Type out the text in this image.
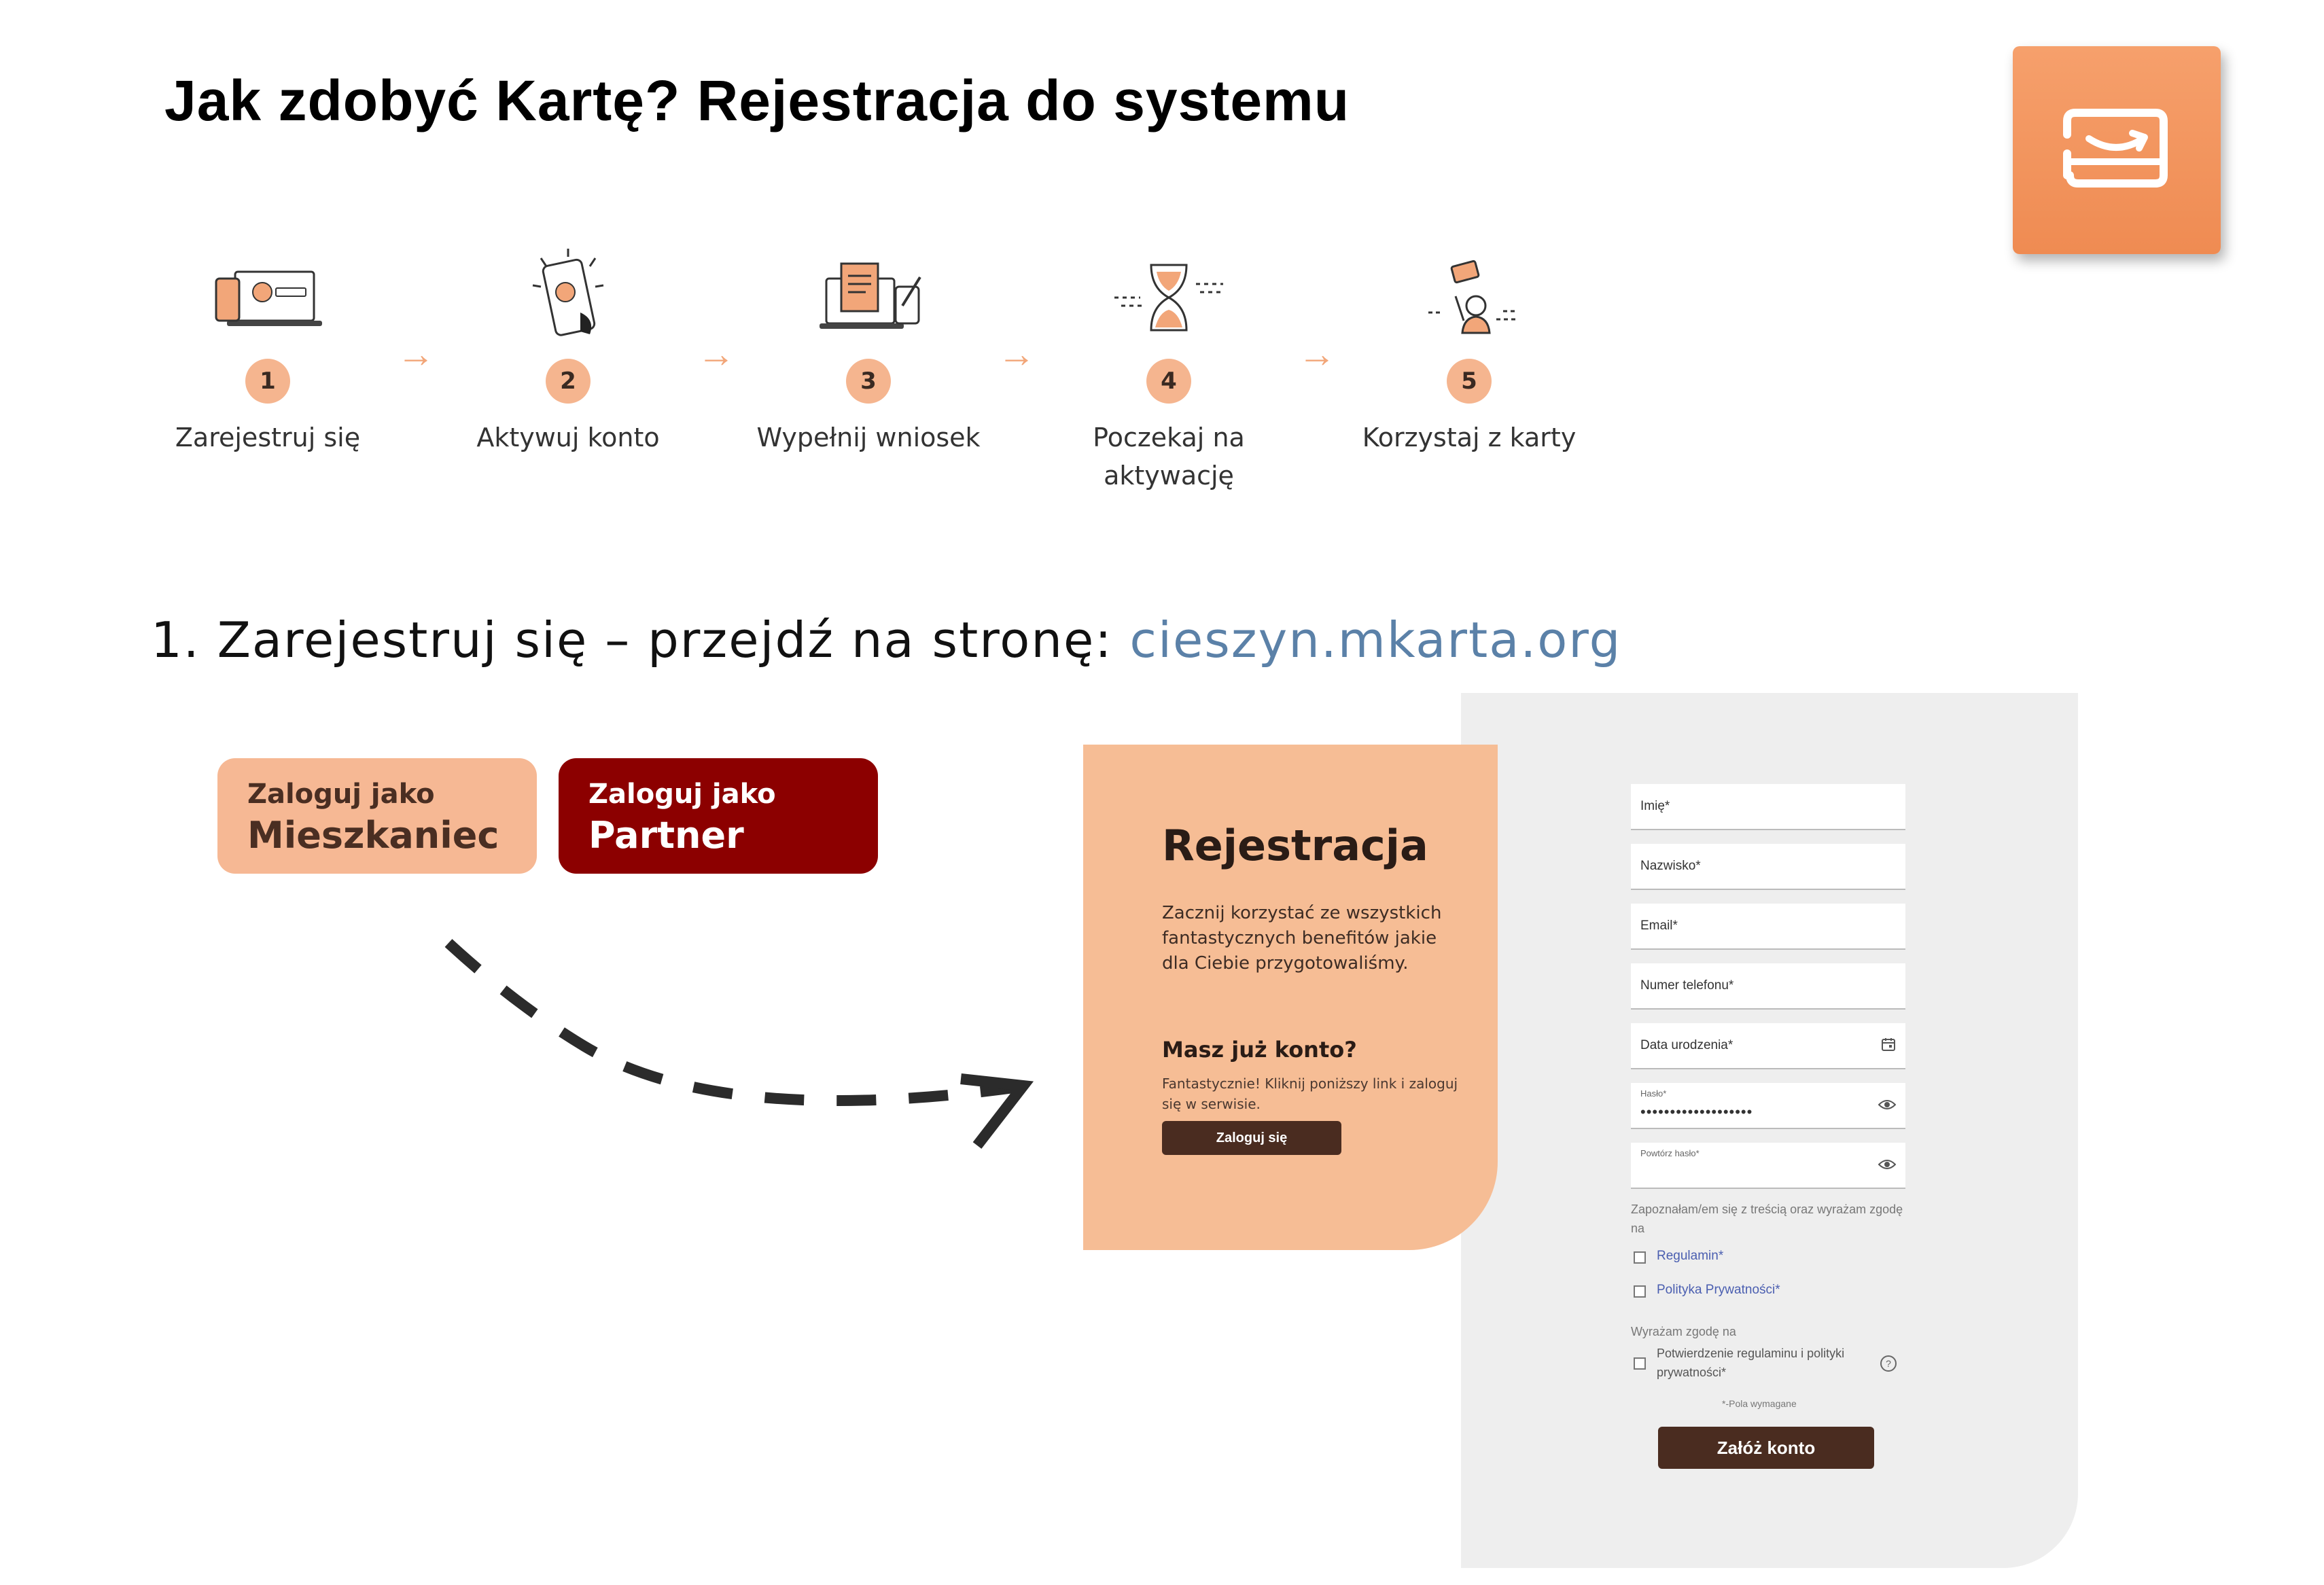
Jak zdobyć Kartę? Rejestracja do systemu
1
Zarejestruj się
→
2
Aktywuj konto
→
3
Wypełnij wniosek
→
4
Poczekaj na aktywację
→
5
Korzystaj z karty
1. Zarejestruj się – przejdź na stronę: cieszyn.mkarta.org
Zaloguj jako
Mieszkaniec
Zaloguj jako
Partner	Rejestracja
Zacznij korzystać ze wszystkich fantastycznych benefitów jakie dla Ciebie przygotowaliśmy.
Masz już konto?
Fantastycznie! Kliknij poniższy link i zaloguj się w serwisie.
Zaloguj się
Imię*
Nazwisko*
Email*
Numer telefonu*
Data urodzenia*
Hasło*
•••••••••••••••••••
Powtórz hasło*
Zapoznałam/em się z treścią oraz wyrażam zgodę na
Regulamin*
Polityka Prywatności*
Wyrażam zgodę na
Potwierdzenie regulaminu i polityki prywatności*
?
*-Pola wymagane
Załóż konto
